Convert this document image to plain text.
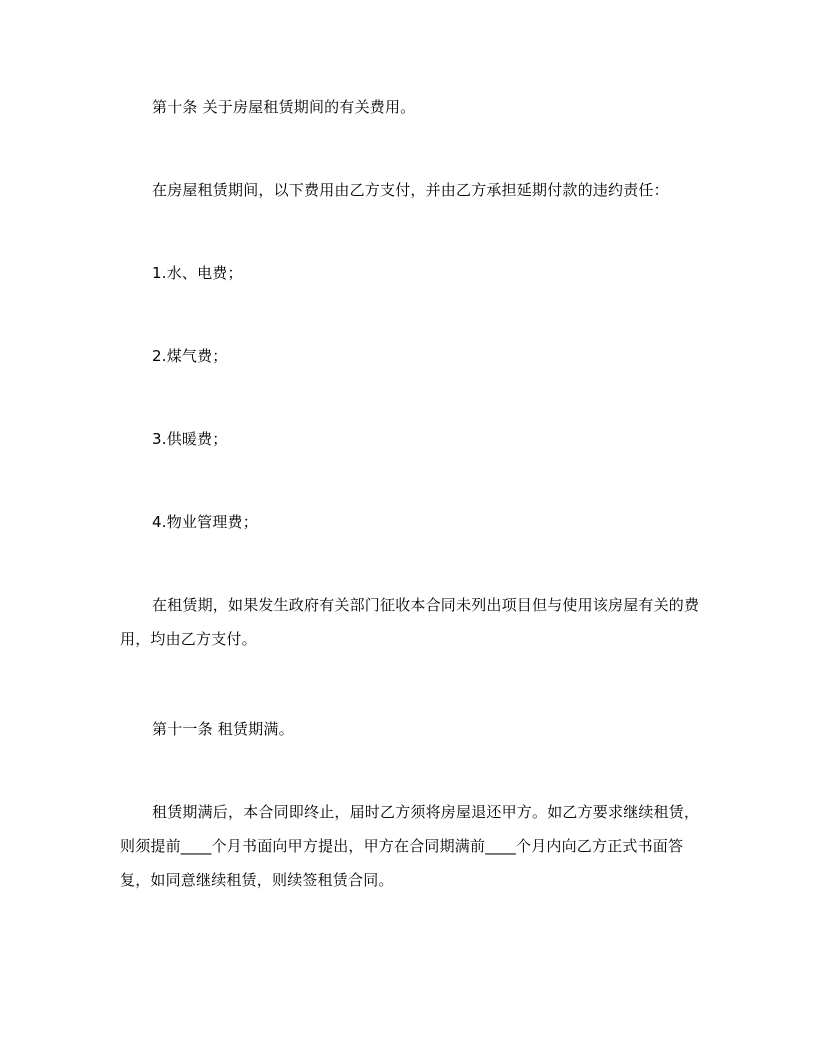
第十条 关于房屋租赁期间的有关费用。
在房屋租赁期间，以下费用由乙方支付，并由乙方承担延期付款的违约责任：
1.水、电费；
2.煤气费；
3.供暖费；
4.物业管理费；
在租赁期，如果发生政府有关部门征收本合同未列出项目但与使用该房屋有关的费用，均由乙方支付。
第十一条 租赁期满。
租赁期满后，本合同即终止，届时乙方须将房屋退还甲方。如乙方要求继续租赁，则须提前____个月书面向甲方提出，甲方在合同期满前____个月内向乙方正式书面答复，如同意继续租赁，则续签租赁合同。
